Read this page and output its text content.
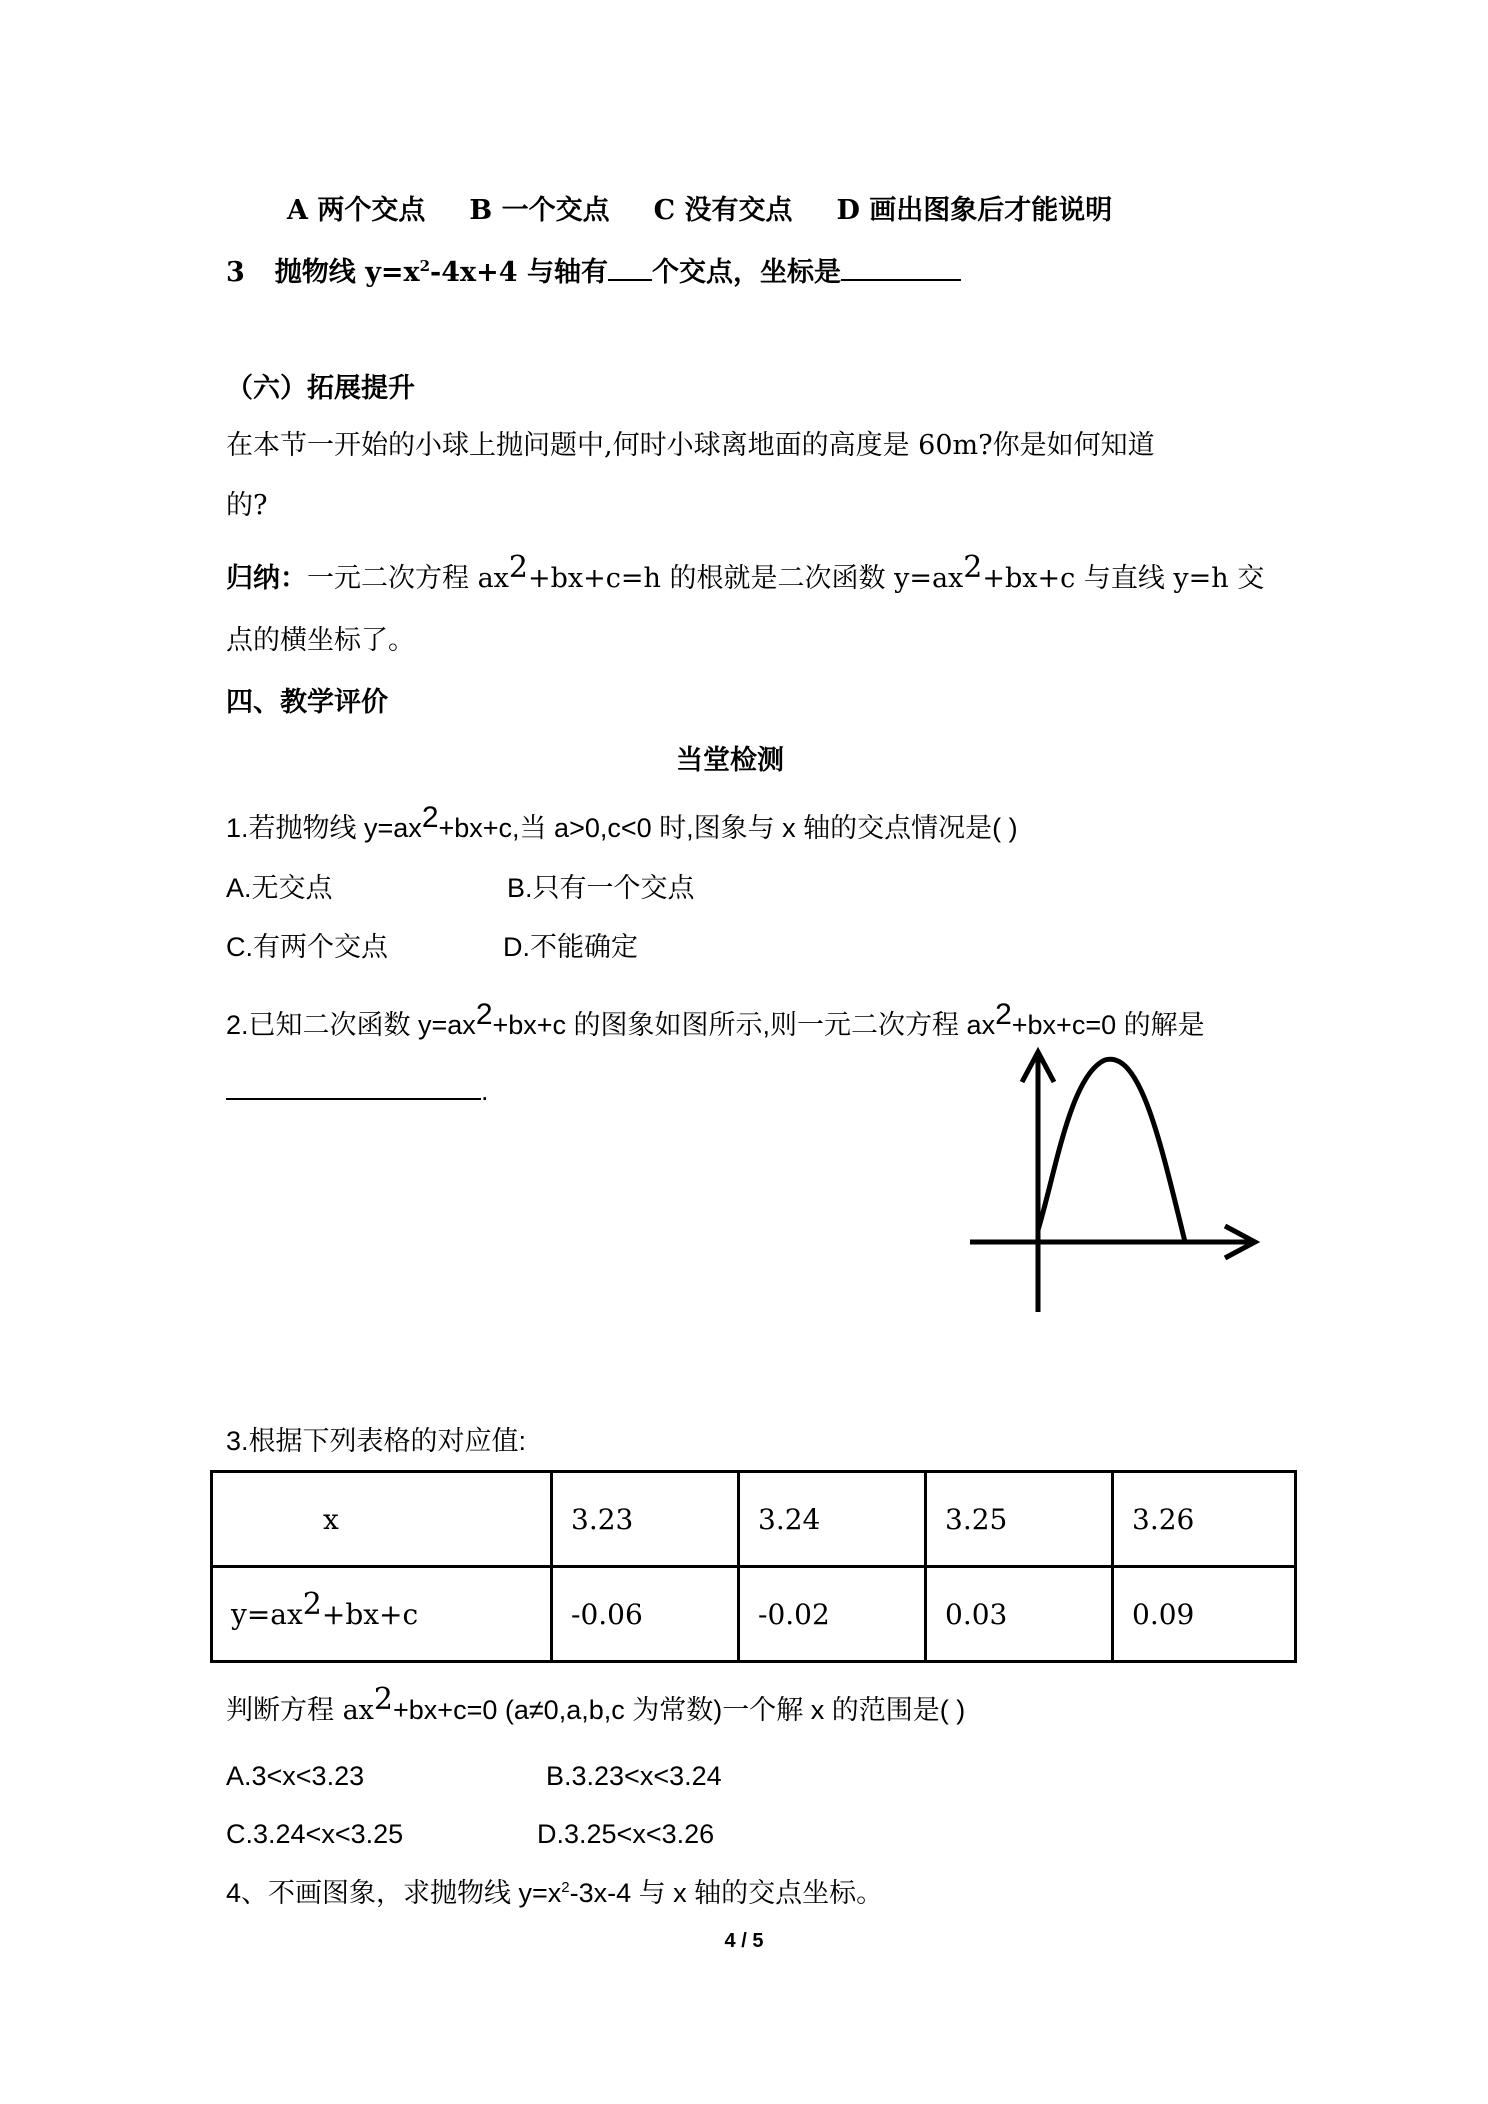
A 两个交点 B 一个交点 C 没有交点 D 画出图象后才能说明
3 抛物线 $y=x^2-4x+4$ 与轴有 个交点，坐标是
（六）拓展提升
在本节一开始的小球上抛问题中,何时小球离地面的高度是 60m?你是如何知道
的?
归纳：一元二次方程 ax2+bx+c=h 的根就是二次函数 y=ax2+bx+c 与直线 y=h 交
点的横坐标了。
四、教学评价
当堂检测
1.若抛物线 y=ax2+bx+c,当 a>0,c<0 时,图象与 x 轴的交点情况是( )
A.无交点	B.只有一个交点
C.有两个交点	D.不能确定
2.已知二次函数 y=ax2+bx+c 的图象如图所示,则一元二次方程 ax2+bx+c=0 的解是
.
3.根据下列表格的对应值:
x	3.23	3.24	3.25	3.26
y=ax2+bx+c	-0.06	-0.02	0.03	0.09
判断方程 ax2+bx+c=0 (a≠0,a,b,c 为常数)一个解 x 的范围是( )
A.3<x<3.23	B.3.23<x<3.24
C.3.24<x<3.25	D.3.25<x<3.26
4、不画图象，求抛物线 $y=x^2-3x-4$ 与 x 轴的交点坐标。
4 / 5
